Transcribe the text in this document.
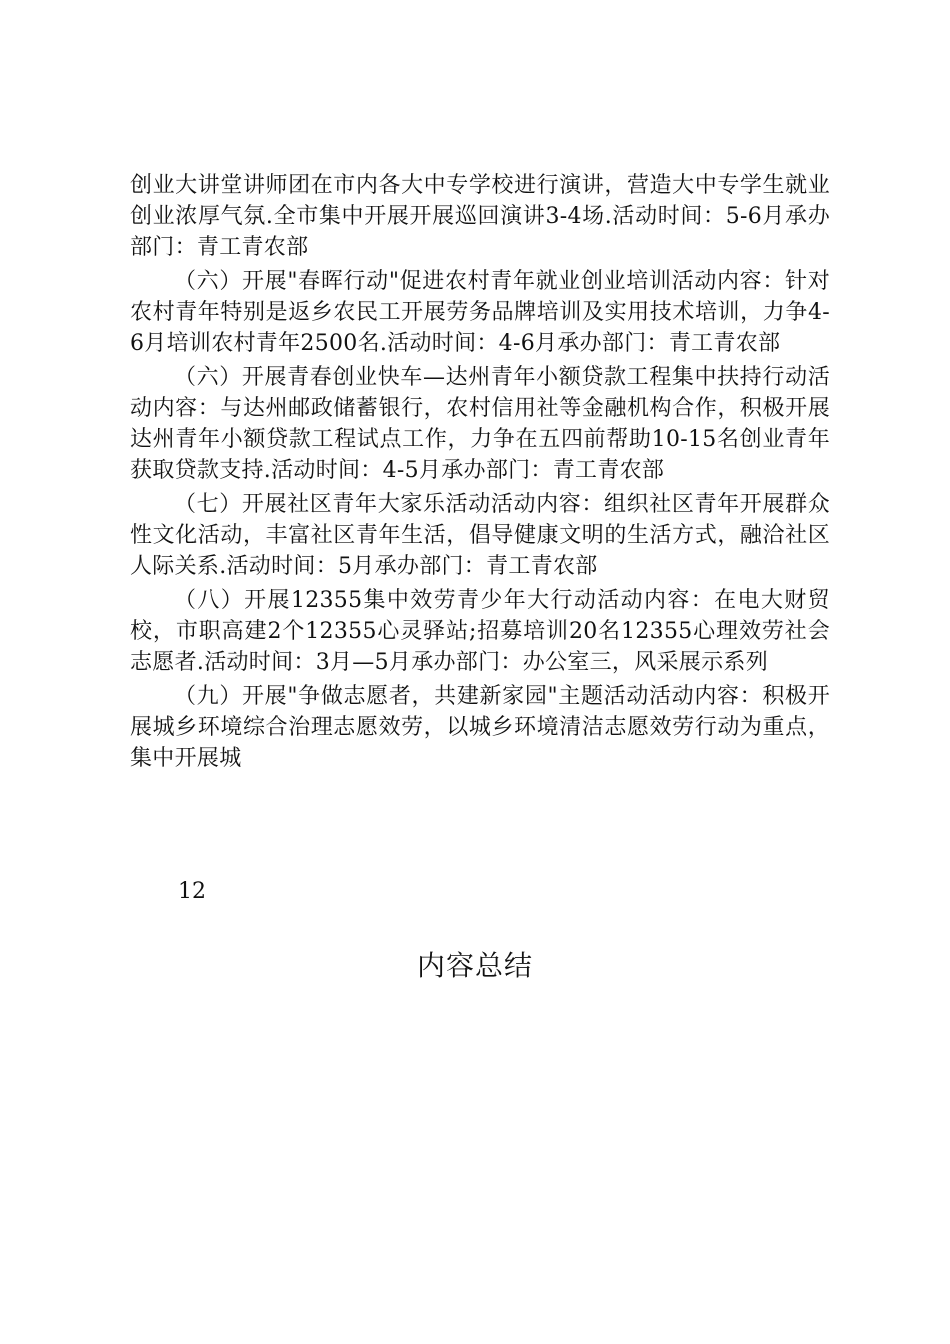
创业大讲堂讲师团在市内各大中专学校进行演讲，营造大中专学生就业创业浓厚气氛.全市集中开展开展巡回演讲3-4场.活动时间：5-6月承办部门：青工青农部

（六）开展"春晖行动"促进农村青年就业创业培训活动内容：针对农村青年特别是返乡农民工开展劳务品牌培训及实用技术培训，力争4-6月培训农村青年2500名.活动时间：4-6月承办部门：青工青农部

（六）开展青春创业快车—达州青年小额贷款工程集中扶持行动活动内容：与达州邮政储蓄银行，农村信用社等金融机构合作，积极开展达州青年小额贷款工程试点工作，力争在五四前帮助10-15名创业青年获取贷款支持.活动时间：4-5月承办部门：青工青农部

（七）开展社区青年大家乐活动活动内容：组织社区青年开展群众性文化活动，丰富社区青年生活，倡导健康文明的生活方式，融洽社区人际关系.活动时间：5月承办部门：青工青农部

（八）开展12355集中效劳青少年大行动活动内容：在电大财贸校，市职高建2个12355心灵驿站;招募培训20名12355心理效劳社会志愿者.活动时间：3月—5月承办部门：办公室三，风采展示系列

（九）开展"争做志愿者，共建新家园"主题活动活动内容：积极开展城乡环境综合治理志愿效劳，以城乡环境清洁志愿效劳行动为重点，集中开展城

12
内容总结
